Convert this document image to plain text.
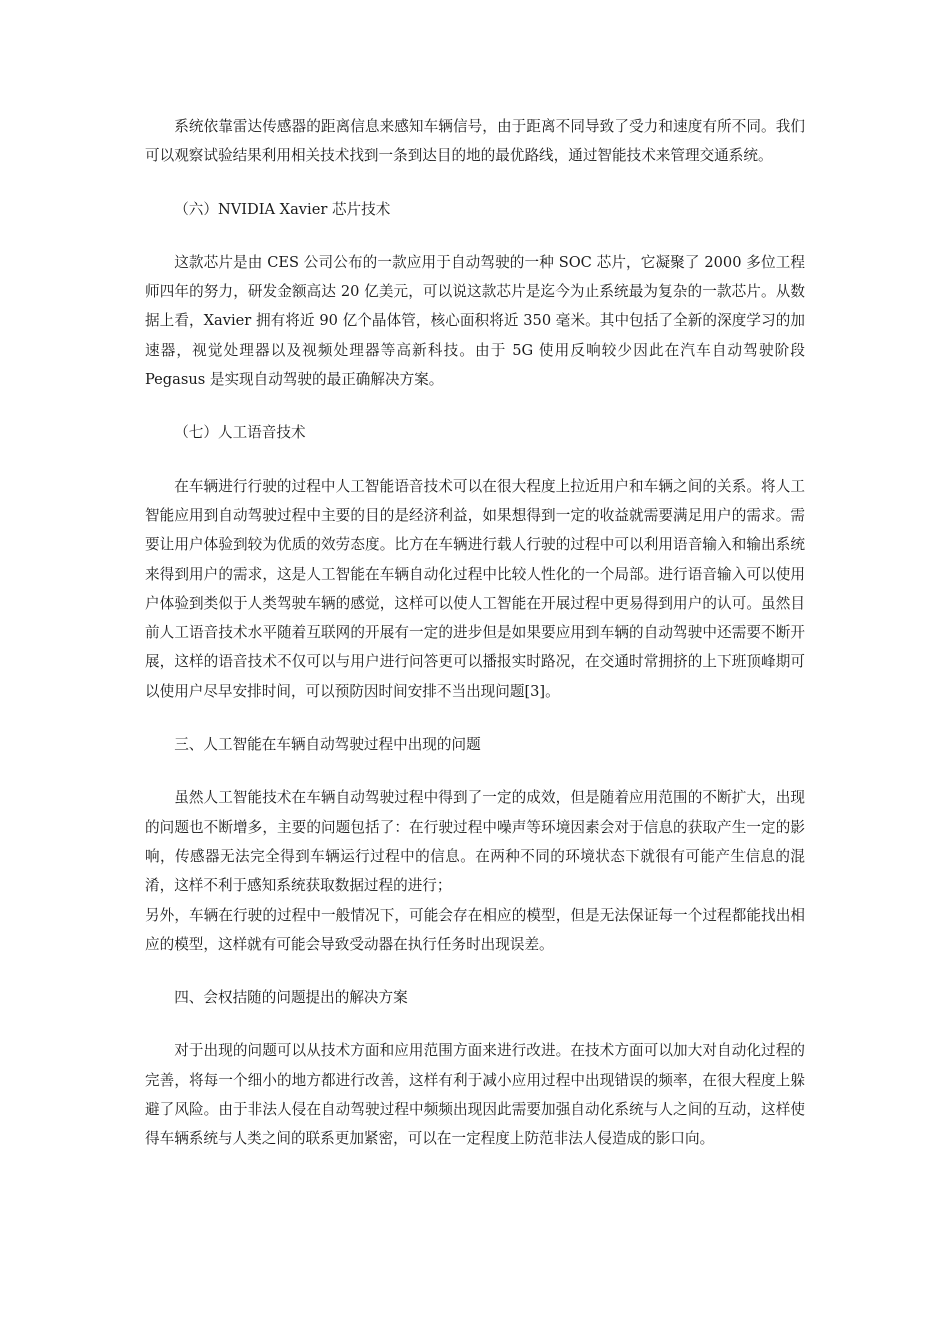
系统依靠雷达传感器的距离信息来感知车辆信号，由于距离不同导致了受力和速度有所不同。我们可以观察试验结果利用相关技术找到一条到达目的地的最优路线，通过智能技术来管理交通系统。

（六）NVIDIA Xavier 芯片技术

这款芯片是由 CES 公司公布的一款应用于自动驾驶的一种 SOC 芯片，它凝聚了 2000 多位工程师四年的努力，研发金额高达 20 亿美元，可以说这款芯片是迄今为止系统最为复杂的一款芯片。从数据上看，Xavier 拥有将近 90 亿个晶体管，核心面积将近 350 毫米。其中包括了全新的深度学习的加速器，视觉处理器以及视频处理器等高新科技。由于 5G 使用反响较少因此在汽车自动驾驶阶段 Pegasus 是实现自动驾驶的最正确解决方案。

（七）人工语音技术

在车辆进行行驶的过程中人工智能语音技术可以在很大程度上拉近用户和车辆之间的关系。将人工智能应用到自动驾驶过程中主要的目的是经济利益，如果想得到一定的收益就需要满足用户的需求。需要让用户体验到较为优质的效劳态度。比方在车辆进行载人行驶的过程中可以利用语音输入和输出系统来得到用户的需求，这是人工智能在车辆自动化过程中比较人性化的一个局部。进行语音输入可以使用户体验到类似于人类驾驶车辆的感觉，这样可以使人工智能在开展过程中更易得到用户的认可。虽然目前人工语音技术水平随着互联网的开展有一定的进步但是如果要应用到车辆的自动驾驶中还需要不断开展，这样的语音技术不仅可以与用户进行问答更可以播报实时路况，在交通时常拥挤的上下班顶峰期可以使用户尽早安排时间，可以预防因时间安排不当出现问题[3]。

三、人工智能在车辆自动驾驶过程中出现的问题

虽然人工智能技术在车辆自动驾驶过程中得到了一定的成效，但是随着应用范围的不断扩大，出现的问题也不断增多，主要的问题包括了：在行驶过程中噪声等环境因素会对于信息的获取产生一定的影响，传感器无法完全得到车辆运行过程中的信息。在两种不同的环境状态下就很有可能产生信息的混淆，这样不利于感知系统获取数据过程的进行；
另外，车辆在行驶的过程中一般情况下，可能会存在相应的模型，但是无法保证每一个过程都能找出相应的模型，这样就有可能会导致受动器在执行任务时出现误差。

四、会权拮随的问题提出的解决方案

对于出现的问题可以从技术方面和应用范围方面来进行改进。在技术方面可以加大对自动化过程的完善，将每一个细小的地方都进行改善，这样有利于减小应用过程中出现错误的频率，在很大程度上躲避了风险。由于非法人侵在自动驾驶过程中频频出现因此需要加强自动化系统与人之间的互动，这样使得车辆系统与人类之间的联系更加紧密，可以在一定程度上防范非法人侵造成的影口向。
